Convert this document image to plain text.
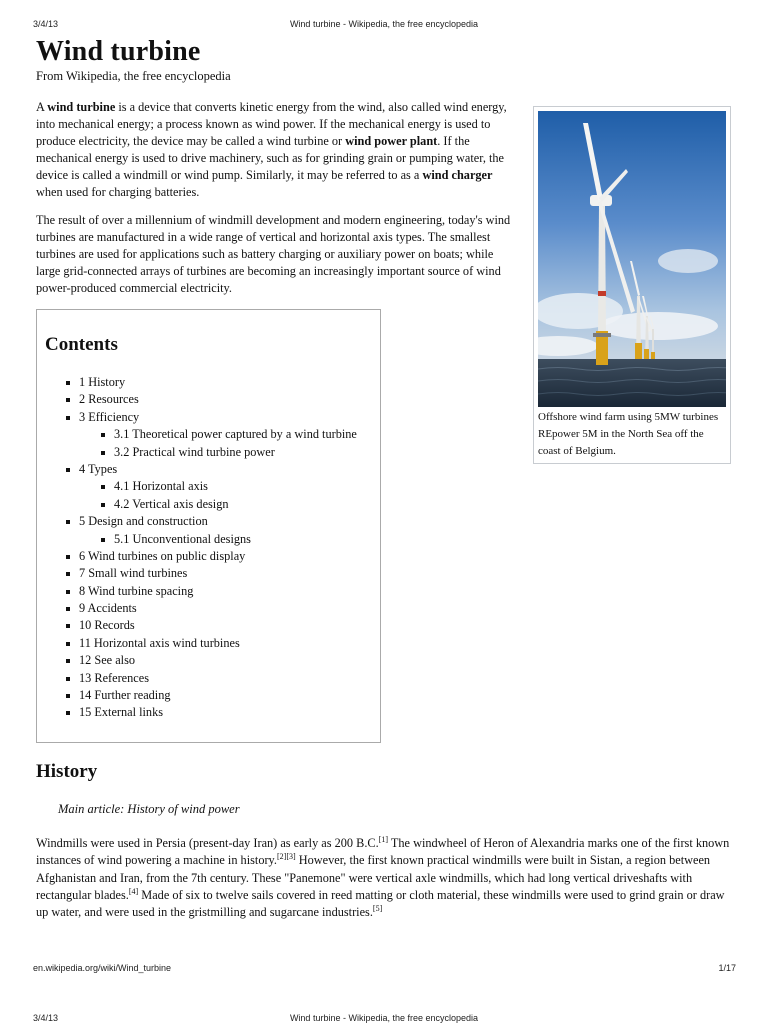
3/4/13	Wind turbine - Wikipedia, the free encyclopedia
Wind turbine
From Wikipedia, the free encyclopedia
A wind turbine is a device that converts kinetic energy from the wind, also called wind energy, into mechanical energy; a process known as wind power. If the mechanical energy is used to produce electricity, the device may be called a wind turbine or wind power plant. If the mechanical energy is used to drive machinery, such as for grinding grain or pumping water, the device is called a windmill or wind pump. Similarly, it may be referred to as a wind charger when used for charging batteries.
The result of over a millennium of windmill development and modern engineering, today's wind turbines are manufactured in a wide range of vertical and horizontal axis types. The smallest turbines are used for applications such as battery charging or auxiliary power on boats; while large grid-connected arrays of turbines are becoming an increasingly important source of wind power-produced commercial electricity.
Offshore wind farm using 5MW turbines REpower 5M in the North Sea off the coast of Belgium.
Contents
1 History
2 Resources
3 Efficiency
3.1 Theoretical power captured by a wind turbine
3.2 Practical wind turbine power
4 Types
4.1 Horizontal axis
4.2 Vertical axis design
5 Design and construction
5.1 Unconventional designs
6 Wind turbines on public display
7 Small wind turbines
8 Wind turbine spacing
9 Accidents
10 Records
11 Horizontal axis wind turbines
12 See also
13 References
14 Further reading
15 External links
History
Main article: History of wind power
Windmills were used in Persia (present-day Iran) as early as 200 B.C.[1] The windwheel of Heron of Alexandria marks one of the first known instances of wind powering a machine in history.[2][3] However, the first known practical windmills were built in Sistan, a region between Afghanistan and Iran, from the 7th century. These "Panemone" were vertical axle windmills, which had long vertical driveshafts with rectangular blades.[4] Made of six to twelve sails covered in reed matting or cloth material, these windmills were used to grind grain or draw up water, and were used in the gristmilling and sugarcane industries.[5]
en.wikipedia.org/wiki/Wind_turbine	1/17
3/4/13	Wind turbine - Wikipedia, the free encyclopedia
